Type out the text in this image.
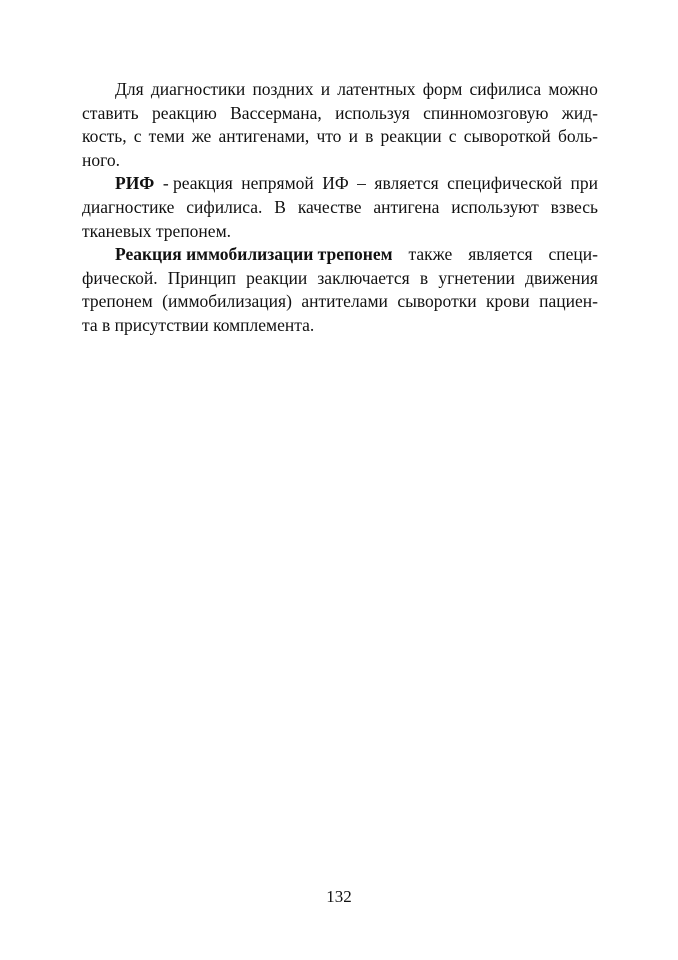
Для диагностики поздних и латентных форм сифилиса можно
ставить реакцию Вассермана, используя спинномозговую жид-
кость, с теми же антигенами, что и в реакции с сывороткой боль-
ного.
РИФ - реакция непрямой ИФ – является специфической при
диагностике сифилиса. В качестве антигена используют взвесь
тканевых трепонем.
Реакция иммобилизации трепонем также является специ-
фической. Принцип реакции заключается в угнетении движения
трепонем (иммобилизация) антителами сыворотки крови пациен-
та в присутствии комплемента.
132
